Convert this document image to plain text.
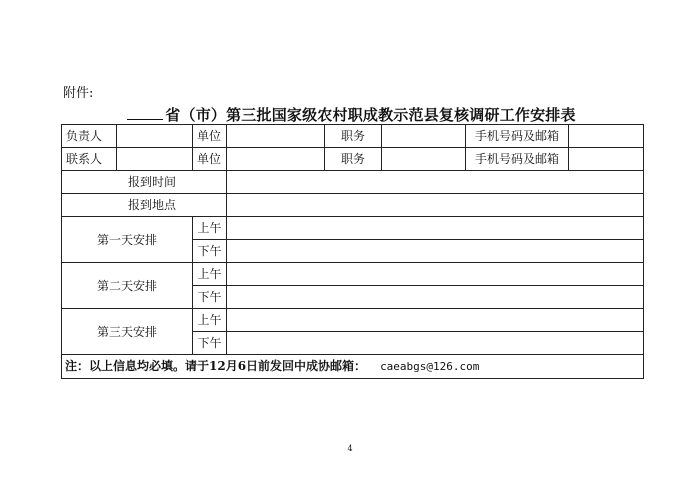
附件:
省（市）第三批国家级农村职成教示范县复核调研工作安排表
负责人		单位		职务		手机号码及邮箱	
联系人		单位		职务		手机号码及邮箱	
报到时间							
报到地点							
第一天安排		上午					
		下午					
第二天安排		上午					
		下午					
第三天安排		上午					
		下午					
注：以上信息均必填。请于12月6日前发回中成协邮箱： caeabgs@126.com							
4
